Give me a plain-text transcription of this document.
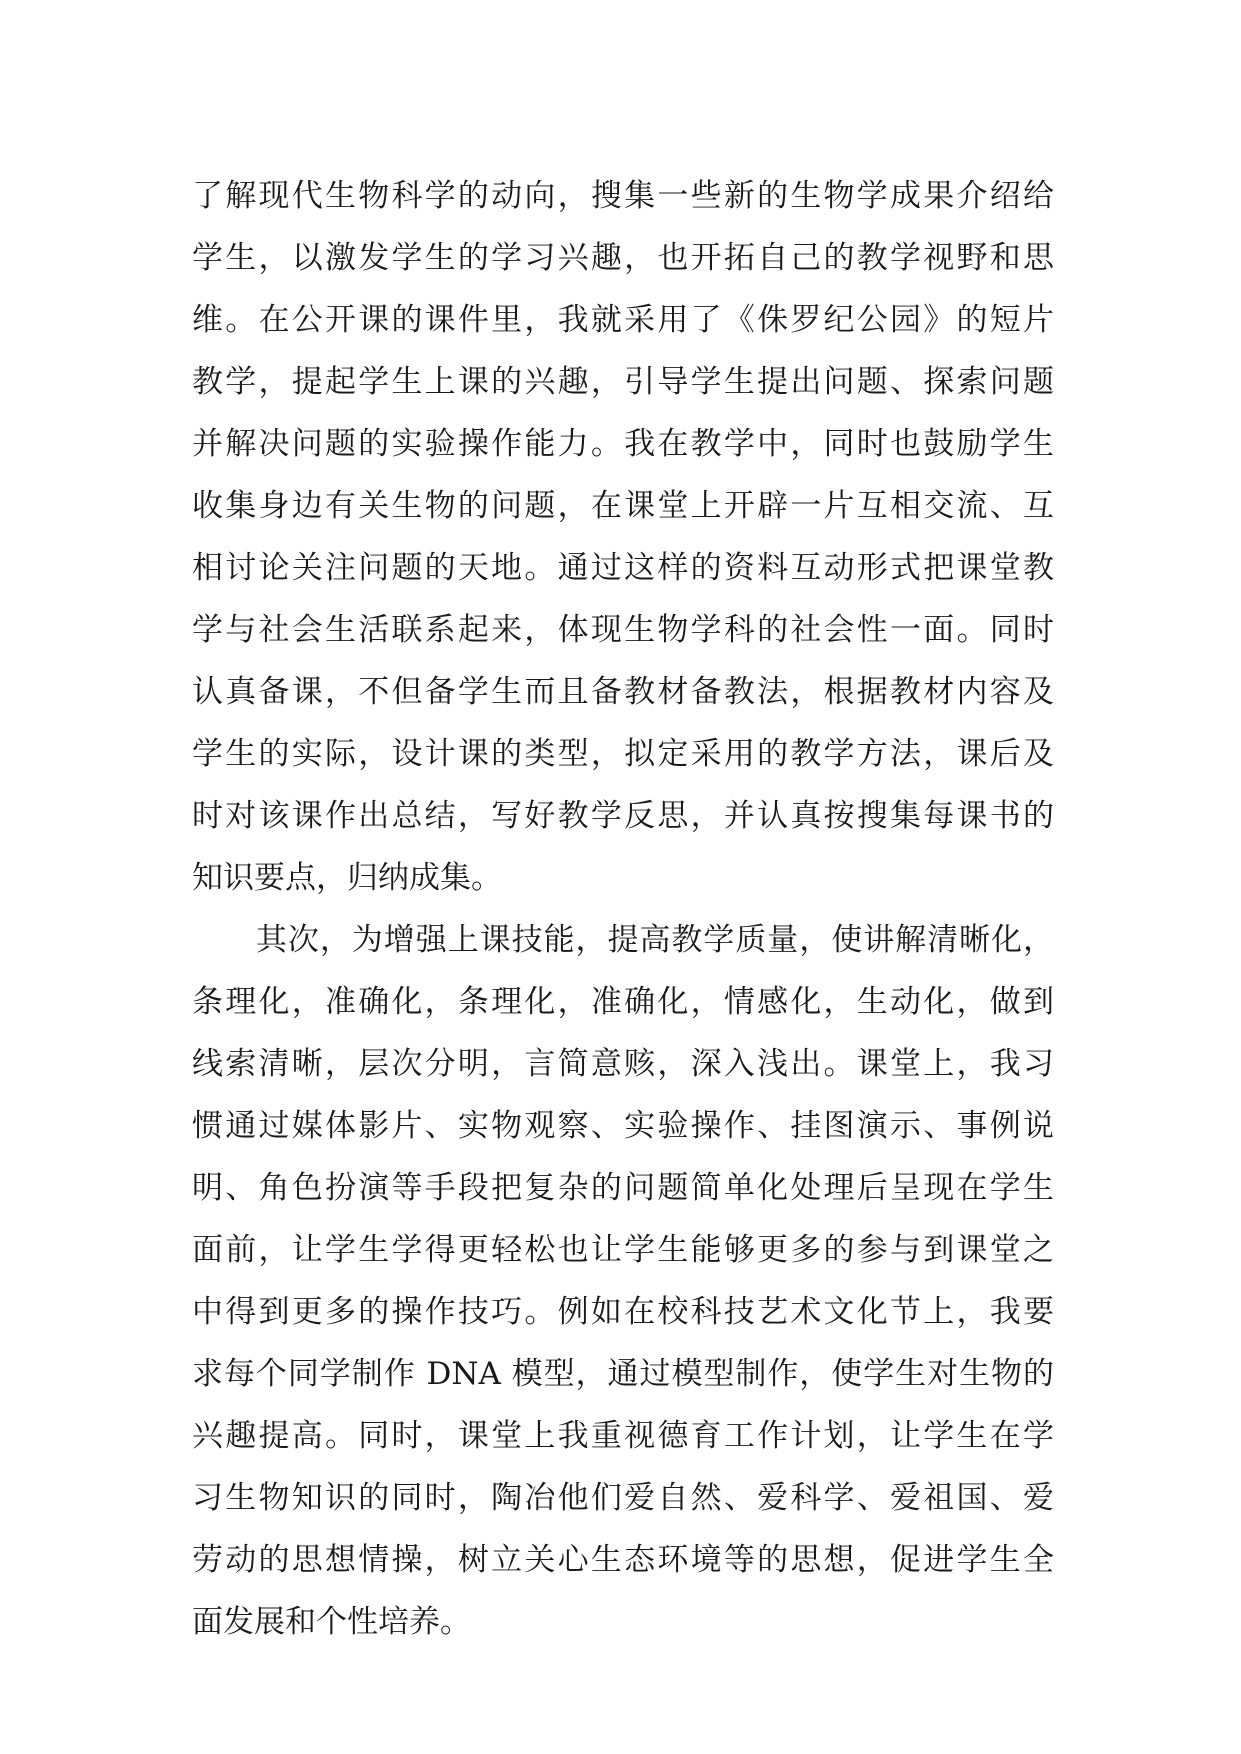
了解现代生物科学的动向，搜集一些新的生物学成果介绍给
学生，以激发学生的学习兴趣，也开拓自己的教学视野和思
维。在公开课的课件里，我就采用了《侏罗纪公园》的短片
教学，提起学生上课的兴趣，引导学生提出问题、探索问题
并解决问题的实验操作能力。我在教学中，同时也鼓励学生
收集身边有关生物的问题，在课堂上开辟一片互相交流、互
相讨论关注问题的天地。通过这样的资料互动形式把课堂教
学与社会生活联系起来，体现生物学科的社会性一面。同时
认真备课，不但备学生而且备教材备教法，根据教材内容及
学生的实际，设计课的类型，拟定采用的教学方法，课后及
时对该课作出总结，写好教学反思，并认真按搜集每课书的
知识要点，归纳成集。
　　其次，为增强上课技能，提高教学质量，使讲解清晰化，
条理化，准确化，条理化，准确化，情感化，生动化，做到
线索清晰，层次分明，言简意赅，深入浅出。课堂上，我习
惯通过媒体影片、实物观察、实验操作、挂图演示、事例说
明、角色扮演等手段把复杂的问题简单化处理后呈现在学生
面前，让学生学得更轻松也让学生能够更多的参与到课堂之
中得到更多的操作技巧。例如在校科技艺术文化节上，我要
求每个同学制作 DNA 模型，通过模型制作，使学生对生物的
兴趣提高。同时，课堂上我重视德育工作计划，让学生在学
习生物知识的同时，陶冶他们爱自然、爱科学、爱祖国、爱
劳动的思想情操，树立关心生态环境等的思想，促进学生全
面发展和个性培养。
